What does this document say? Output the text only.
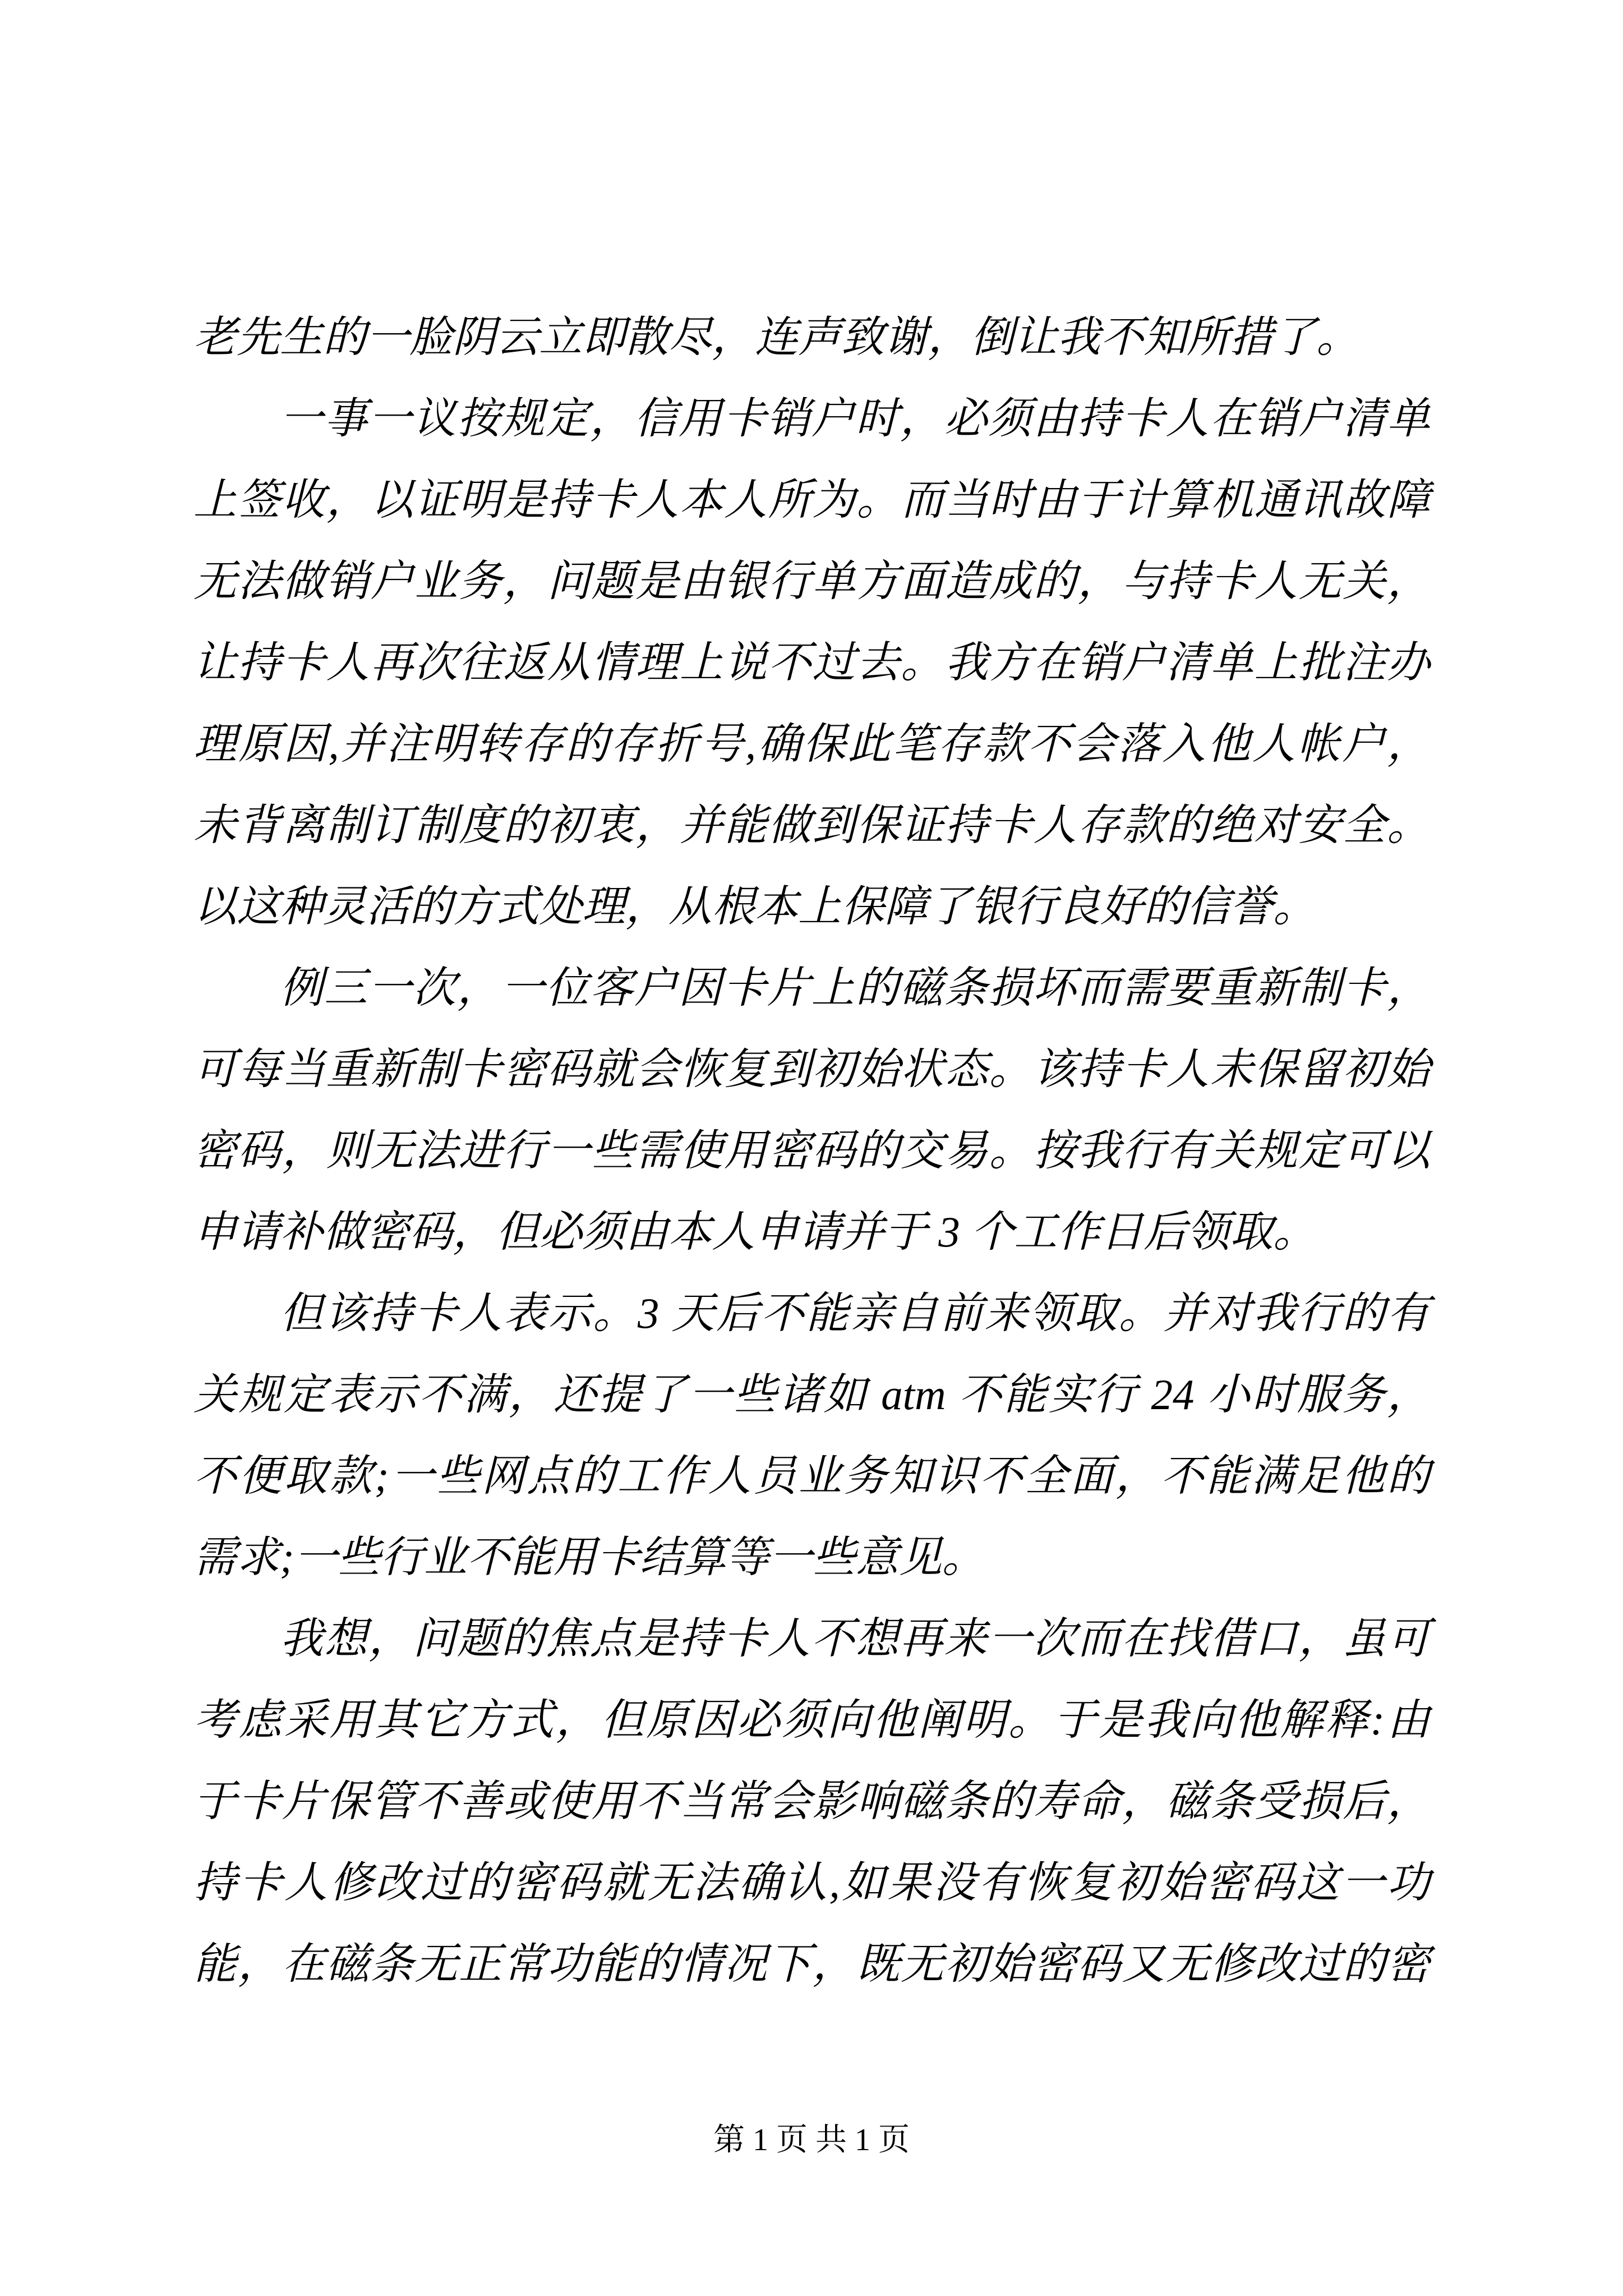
老先生的一脸阴云立即散尽，连声致谢，倒让我不知所措了。
一事一议按规定，信用卡销户时，必须由持卡人在销户清单
上签收，以证明是持卡人本人所为。而当时由于计算机通讯故障
无法做销户业务，问题是由银行单方面造成的，与持卡人无关，
让持卡人再次往返从情理上说不过去。我方在销户清单上批注办
理原因,并注明转存的存折号,确保此笔存款不会落入他人帐户，
未背离制订制度的初衷，并能做到保证持卡人存款的绝对安全。
以这种灵活的方式处理，从根本上保障了银行良好的信誉。
例三一次，一位客户因卡片上的磁条损坏而需要重新制卡，
可每当重新制卡密码就会恢复到初始状态。该持卡人未保留初始
密码，则无法进行一些需使用密码的交易。按我行有关规定可以
申请补做密码，但必须由本人申请并于 3 个工作日后领取。
但该持卡人表示。3 天后不能亲自前来领取。并对我行的有
关规定表示不满，还提了一些诸如 atm 不能实行 24 小时服务，
不便取款;一些网点的工作人员业务知识不全面，不能满足他的
需求;一些行业不能用卡结算等一些意见。
我想，问题的焦点是持卡人不想再来一次而在找借口，虽可
考虑采用其它方式，但原因必须向他阐明。于是我向他解释:由
于卡片保管不善或使用不当常会影响磁条的寿命，磁条受损后，
持卡人修改过的密码就无法确认,如果没有恢复初始密码这一功
能，在磁条无正常功能的情况下，既无初始密码又无修改过的密
第 1 页 共 1 页
